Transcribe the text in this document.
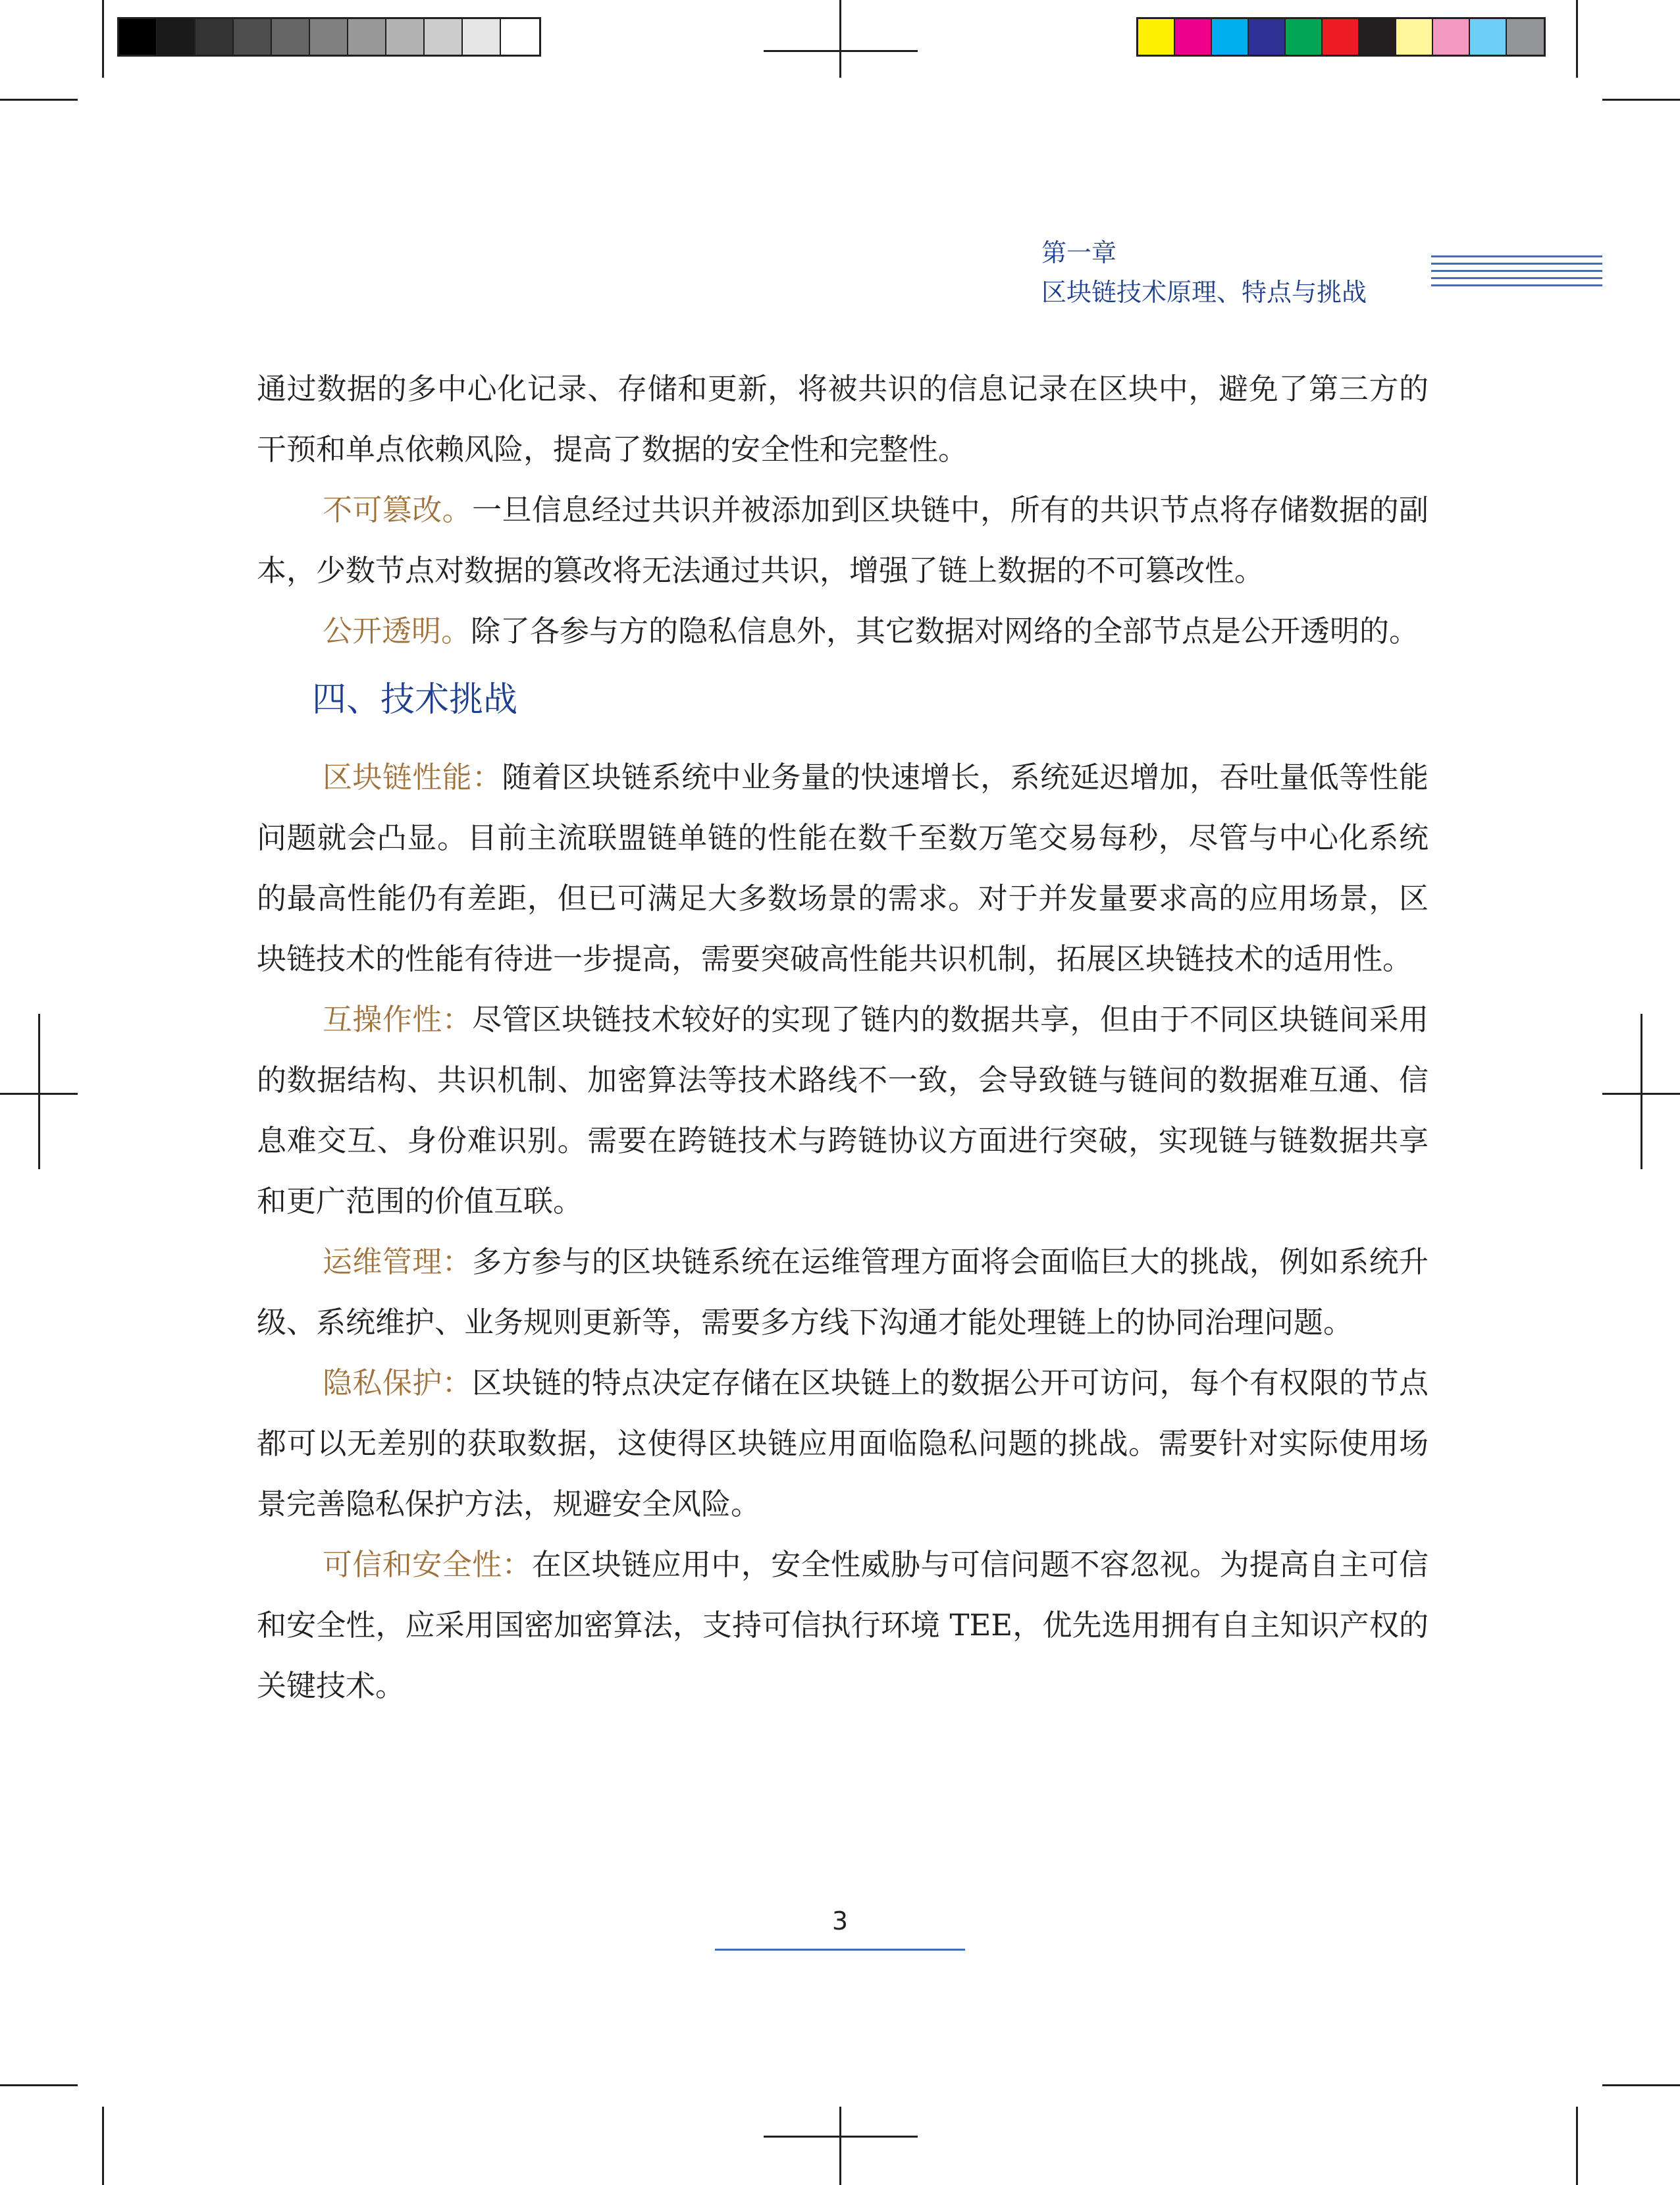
第一章
区块链技术原理、特点与挑战

通过数据的多中心化记录、存储和更新，将被共识的信息记录在区块中，避免了第三方的干预和单点依赖风险，提高了数据的安全性和完整性。

不可篡改。一旦信息经过共识并被添加到区块链中，所有的共识节点将存储数据的副本，少数节点对数据的篡改将无法通过共识，增强了链上数据的不可篡改性。

公开透明。除了各参与方的隐私信息外，其它数据对网络的全部节点是公开透明的。

四、技术挑战

区块链性能：随着区块链系统中业务量的快速增长，系统延迟增加，吞吐量低等性能问题就会凸显。目前主流联盟链单链的性能在数千至数万笔交易每秒，尽管与中心化系统的最高性能仍有差距，但已可满足大多数场景的需求。对于并发量要求高的应用场景，区块链技术的性能有待进一步提高，需要突破高性能共识机制，拓展区块链技术的适用性。

互操作性：尽管区块链技术较好的实现了链内的数据共享，但由于不同区块链间采用的数据结构、共识机制、加密算法等技术路线不一致，会导致链与链间的数据难互通、信息难交互、身份难识别。需要在跨链技术与跨链协议方面进行突破，实现链与链数据共享和更广范围的价值互联。

运维管理：多方参与的区块链系统在运维管理方面将会面临巨大的挑战，例如系统升级、系统维护、业务规则更新等，需要多方线下沟通才能处理链上的协同治理问题。

隐私保护：区块链的特点决定存储在区块链上的数据公开可访问，每个有权限的节点都可以无差别的获取数据，这使得区块链应用面临隐私问题的挑战。需要针对实际使用场景完善隐私保护方法，规避安全风险。

可信和安全性：在区块链应用中，安全性威胁与可信问题不容忽视。为提高自主可信和安全性，应采用国密加密算法，支持可信执行环境 TEE，优先选用拥有自主知识产权的关键技术。

3
